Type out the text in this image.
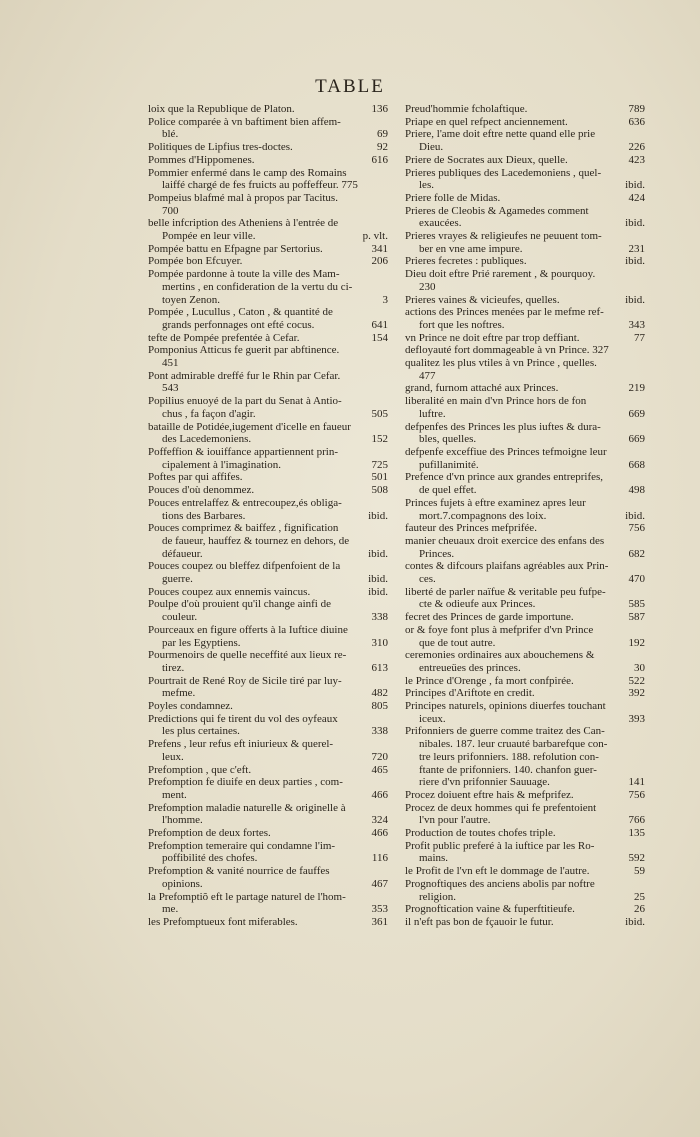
TABLE
loix que la Republique de Platon.	136
Police comparée à vn baftiment bien affem-
blé.	69
Politiques de Lipfius tres-doctes.	92
Pommes d'Hippomenes.	616
Pommier enfermé dans le camp des Romains
laiffé chargé de fes fruicts au poffeffeur. 775
Pompeius blafmé mal à propos par Tacitus.
700
belle infcription des Atheniens à l'entrée de
Pompée en leur ville.	p. vlt.
Pompée battu en Efpagne par Sertorius.	341
Pompée bon Efcuyer.	206
Pompée pardonne à toute la ville des Mam-
mertins , en confideration de la vertu du ci-
toyen Zenon.	3
Pompée , Lucullus , Caton , & quantité de
grands perfonnages ont efté cocus.	641
tefte de Pompée prefentée à Cefar.	154
Pomponius Atticus fe guerit par abftinence.
451
Pont admirable dreffé fur le Rhin par Cefar.
543
Popilius enuoyé de la part du Senat à Antio-
chus , fa façon d'agir.	505
bataille de Potidée,iugement d'icelle en faueur
des Lacedemoniens.	152
Poffeffion & iouiffance appartiennent prin-
cipalement à l'imagination.	725
Poftes par qui affifes.	501
Pouces d'où denommez.	508
Pouces entrelaffez & entrecoupez,és obliga-
tions des Barbares.	ibid.
Pouces comprimez & baiffez , fignification
de faueur, hauffez & tournez en dehors, de
défaueur.	ibid.
Pouces coupez ou bleffez difpenfoient de la
guerre.	ibid.
Pouces coupez aux ennemis vaincus.	ibid.
Poulpe d'où prouient qu'il change ainfi de
couleur.	338
Pourceaux en figure offerts à la Iuftice diuine
par les Egyptiens.	310
Pourmenoirs de quelle neceffité aux lieux re-
tirez.	613
Pourtrait de René Roy de Sicile tiré par luy-
mefme.	482
Poyles condamnez.	805
Predictions qui fe tirent du vol des oyfeaux
les plus certaines.	338
Prefens , leur refus eft iniurieux & querel-
leux.	720
Prefomption , que c'eft.	465
Prefomption fe diuife en deux parties , com-
ment.	466
Prefomption maladie naturelle & originelle à
l'homme.	324
Prefomption de deux fortes.	466
Prefomption temeraire qui condamne l'im-
poffibilité des chofes.	116
Prefomption & vanité nourrice de fauffes
opinions.	467
la Prefomptiõ eft le partage naturel de l'hom-
me.	353
les Prefomptueux font miferables.	361
Preud'hommie fcholaftique.	789
Priape en quel refpect anciennement.	636
Priere, l'ame doit eftre nette quand elle prie
Dieu.	226
Priere de Socrates aux Dieux, quelle.	423
Prieres publiques des Lacedemoniens , quel-
les.	ibid.
Priere folle de Midas.	424
Prieres de Cleobis & Agamedes comment
exaucées.	ibid.
Prieres vrayes & religieufes ne peuuent tom-
ber en vne ame impure.	231
Prieres fecretes : publiques.	ibid.
Dieu doit eftre Prié rarement , & pourquoy.
230
Prieres vaines & vicieufes, quelles.	ibid.
actions des Princes menées par le mefme ref-
fort que les noftres.	343
vn Prince ne doit eftre par trop deffiant.	77
defloyauté fort dommageable à vn Prince. 327
qualitez les plus vtiles à vn Prince , quelles.
477
grand, furnom attaché aux Princes.	219
liberalité en main d'vn Prince hors de fon
luftre.	669
defpenfes des Princes les plus iuftes & dura-
bles, quelles.	669
defpenfe exceffiue des Princes tefmoigne leur
pufillanimité.	668
Prefence d'vn prince aux grandes entreprifes,
de quel effet.	498
Princes fujets à eftre examinez apres leur
mort.7.compagnons des loix.	ibid.
fauteur des Princes mefprifée.	756
manier cheuaux droit exercice des enfans des
Princes.	682
contes & difcours plaifans agréables aux Prin-
ces.	470
liberté de parler naïfue & veritable peu fufpe-
cte & odieufe aux Princes.	585
fecret des Princes de garde importune.	587
or & foye font plus à mefprifer d'vn Prince
que de tout autre.	192
ceremonies ordinaires aux abouchemens &
entreueües des princes.	30
le Prince d'Orenge , fa mort confpirée.	522
Principes d'Ariftote en credit.	392
Principes naturels, opinions diuerfes touchant
iceux.	393
Prifonniers de guerre comme traitez des Can-
nibales. 187. leur cruauté barbarefque con-
tre leurs prifonniers. 188. refolution con-
ftante de prifonniers. 140. chanfon guer-
riere d'vn prifonnier Sauuage.	141
Procez doiuent eftre hais & mefprifez.	756
Procez de deux hommes qui fe prefentoient
l'vn pour l'autre.	766
Production de toutes chofes triple.	135
Profit public preferé à la iuftice par les Ro-
mains.	592
le Profit de l'vn eft le dommage de l'autre.	59
Prognoftiques des anciens abolis par noftre
religion.	25
Prognoftication vaine & fuperftitieufe.	26
il n'eft pas bon de fçauoir le futur.	ibid.
